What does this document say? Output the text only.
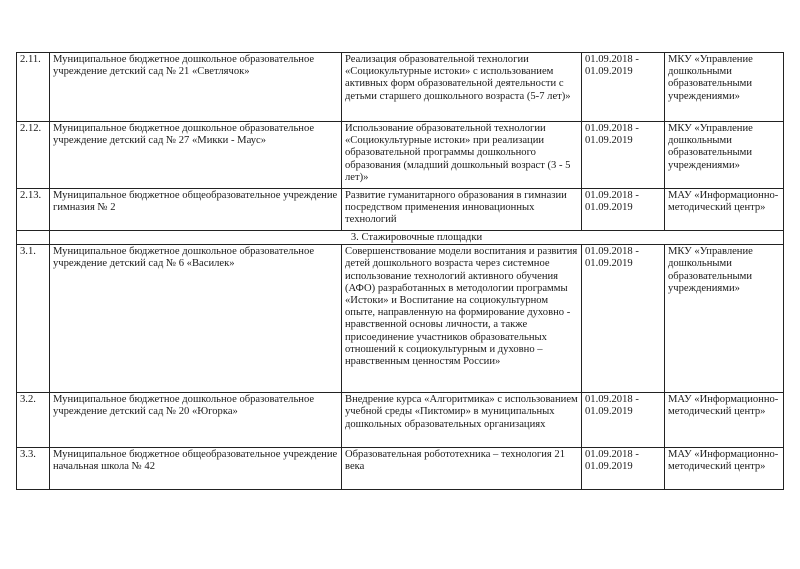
2.11.	Муниципальное бюджетное дошкольное образовательное учреждение детский сад № 21 «Светлячок»	Реализация образовательной технологии «Социокультурные истоки» с использованием активных форм образовательной деятельности с детьми старшего дошкольного возраста (5-7 лет)»	01.09.2018 - 01.09.2019	МКУ «Управление дошкольными образовательными учреждениями»
2.12.	Муниципальное бюджетное дошкольное образовательное учреждение детский сад № 27 «Микки - Маус»	Использование образовательной технологии «Социокультурные истоки» при реализации образовательной программы дошкольного образования (младший дошкольный возраст (3 - 5 лет)»	01.09.2018 - 01.09.2019	МКУ «Управление дошкольными образовательными учреждениями»
2.13.	Муниципальное бюджетное общеобразовательное учреждение гимназия № 2	Развитие гуманитарного образования в гимназии посредством применения инновационных технологий	01.09.2018 - 01.09.2019	МАУ «Информационно-методический центр»
	3. Стажировочные площадки			
3.1.	Муниципальное бюджетное дошкольное образовательное учреждение детский сад № 6 «Василек»	Совершенствование модели воспитания и развития детей дошкольного возраста через системное использование технологий активного обучения (АФО) разработанных в методологии программы «Истоки» и Воспитание на социокультурном опыте, направленную на формирование духовно - нравственной основы личности, а также присоединение участников образовательных отношений к социокультурным и духовно – нравственным ценностям России»	01.09.2018 - 01.09.2019	МКУ «Управление дошкольными образовательными учреждениями»
3.2.	Муниципальное бюджетное дошкольное образовательное учреждение детский сад № 20 «Югорка»	Внедрение курса «Алгоритмика» с использованием учебной среды «Пиктомир» в муниципальных дошкольных образовательных организациях	01.09.2018 - 01.09.2019	МАУ «Информационно-методический центр»
3.3.	Муниципальное бюджетное общеобразовательное учреждение начальная школа № 42	Образовательная робототехника – технология 21 века	01.09.2018 - 01.09.2019	МАУ «Информационно-методический центр»
